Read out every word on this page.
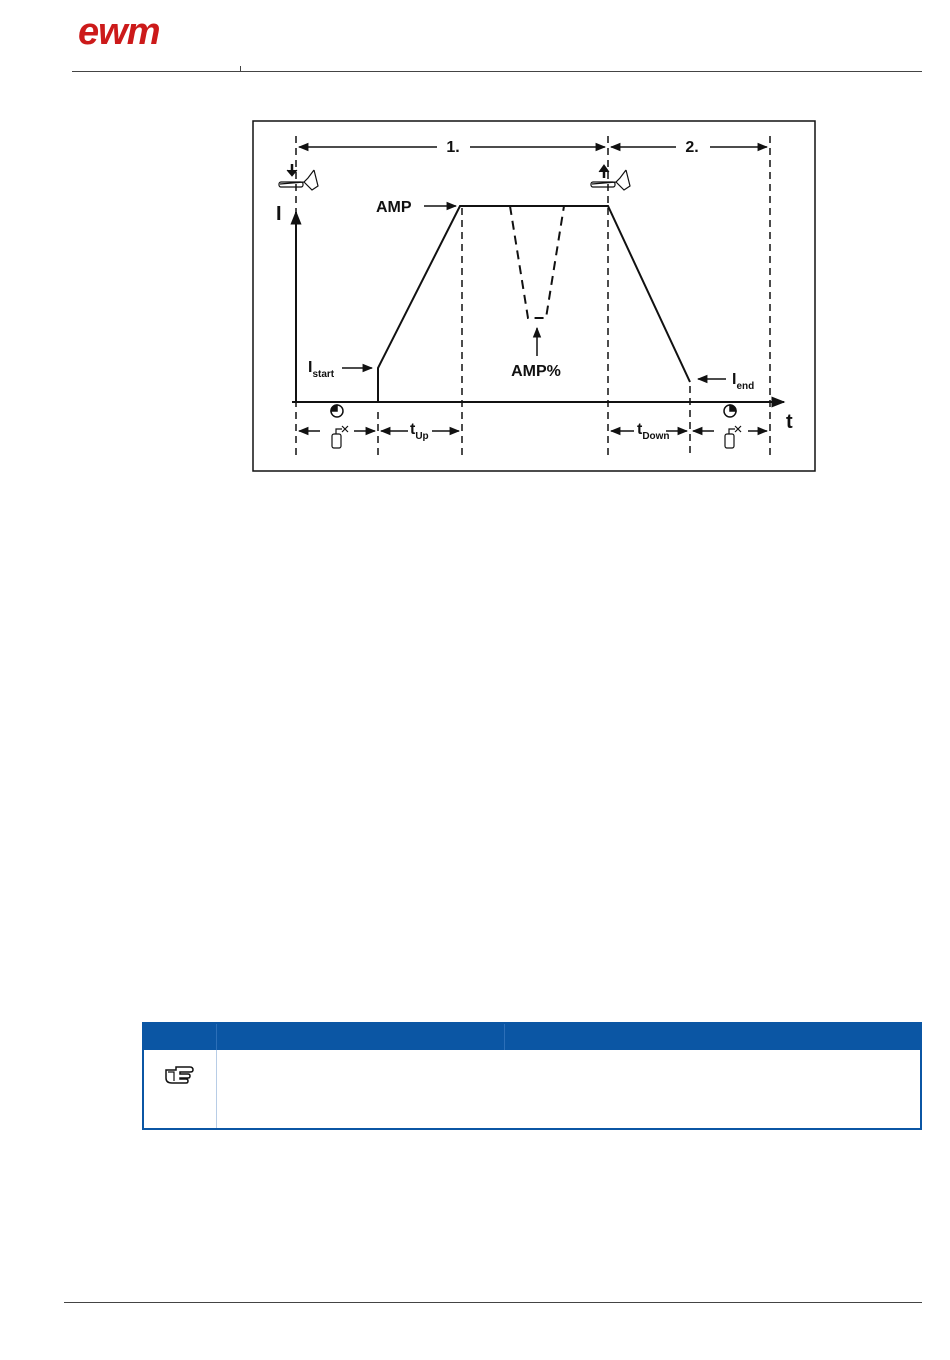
ewm
1.	2.
I
t
AMP
AMP%
$I_{start}$	$I_{end}$
$t_{Up}$	$t_{Down}$
